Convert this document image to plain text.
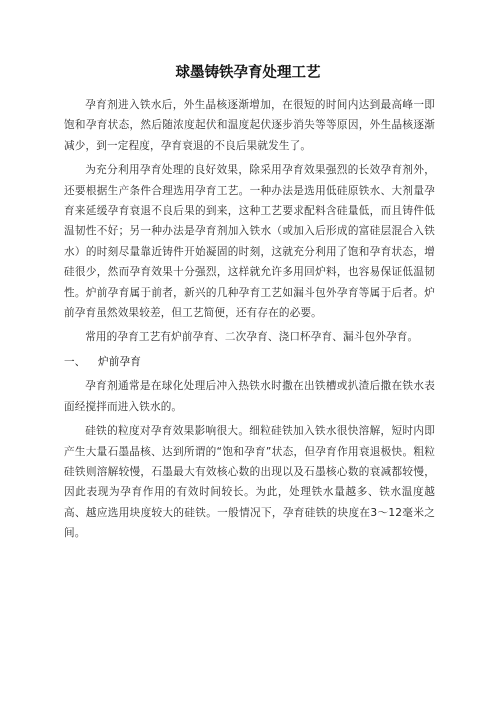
球墨铸铁孕育处理工艺

孕育剂进入铁水后，外生晶核逐渐增加，在很短的时间内达到最高峰一即饱和孕育状态，然后随浓度起伏和温度起伏逐步消失等等原因，外生晶核逐渐减少，到一定程度，孕育衰退的不良后果就发生了。

为充分利用孕育处理的良好效果，除采用孕育效果强烈的长效孕育剂外，还要根据生产条件合理选用孕育工艺。一种办法是选用低硅原铁水、大剂量孕育来延缓孕育衰退不良后果的到来，这种工艺要求配料含硅量低，而且铸件低温韧性不好；另一种办法是孕育剂加入铁水（或加入后形成的富硅层混合入铁水）的时刻尽量靠近铸件开始凝固的时刻，这就充分利用了饱和孕育状态，增硅很少，然而孕育效果十分强烈，这样就允许多用回炉料，也容易保证低温韧性。炉前孕育属于前者，新兴的几种孕育工艺如漏斗包外孕育等属于后者。炉前孕育虽然效果较差，但工艺简便，还有存在的必要。

常用的孕育工艺有炉前孕育、二次孕育、浇口杯孕育、漏斗包外孕育。

一、	炉前孕育

孕育剂通常是在球化处理后冲入热铁水时撒在出铁槽或扒渣后撒在铁水表面经搅拌而进入铁水的。

硅铁的粒度对孕育效果影响很大。细粒硅铁加入铁水很快溶解，短时内即产生大量石墨晶核、达到所谓的“饱和孕育”状态，但孕育作用衰退极快。粗粒硅铁则溶解较慢，石墨最大有效核心数的出现以及石墨核心数的衰减都较慢，因此表现为孕育作用的有效时间较长。为此，处理铁水量越多、铁水温度越高、越应选用块度较大的硅铁。一般情况下，孕育硅铁的块度在3～12毫米之间。
